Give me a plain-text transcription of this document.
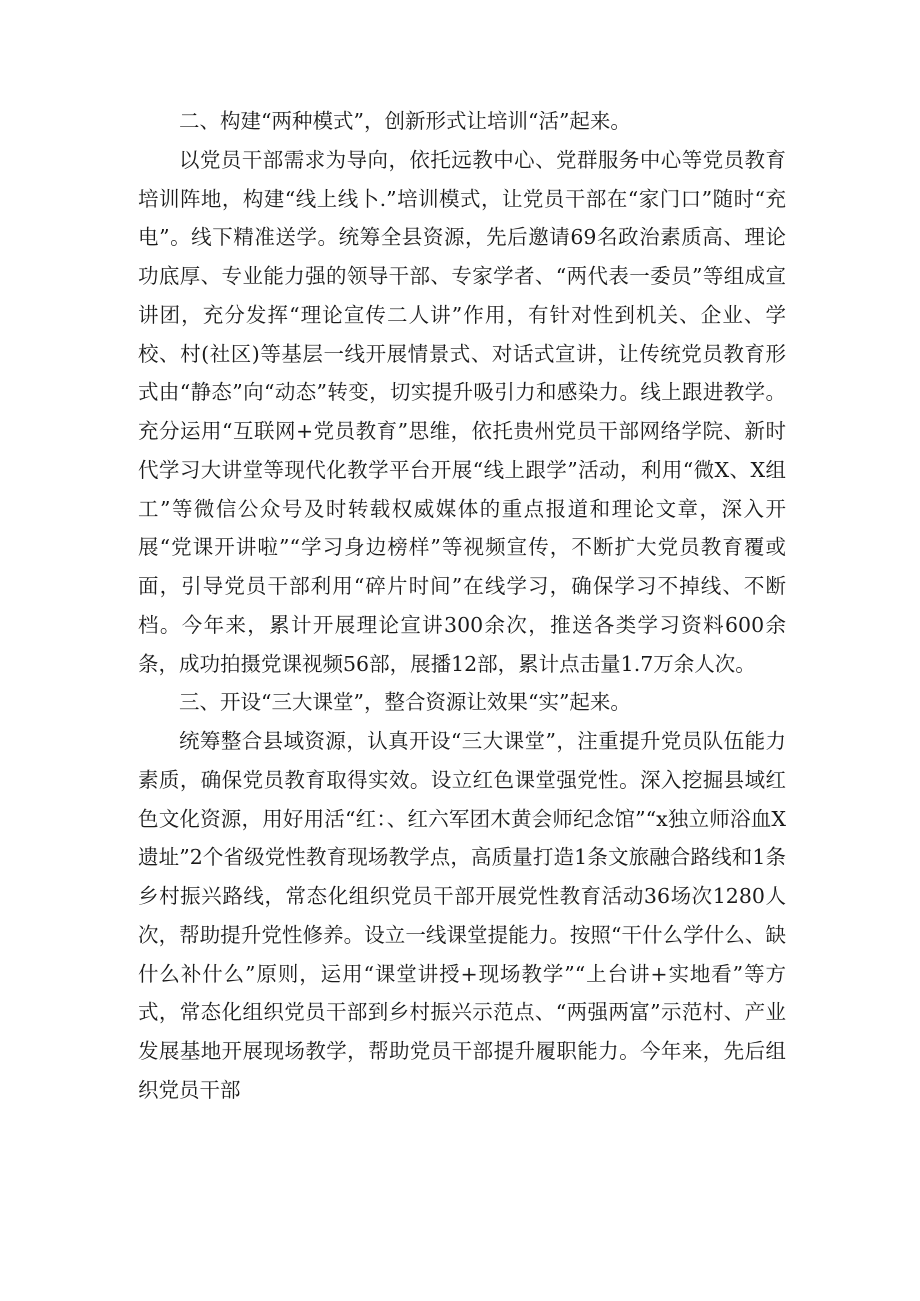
二、构建“两种模式”，创新形式让培训“活”起来。

以党员干部需求为导向，依托远教中心、党群服务中心等党员教育培训阵地，构建“线上线卜.”培训模式，让党员干部在“家门口”随时“充电”。线下精准送学。统筹全县资源，先后邀请69名政治素质高、理论功底厚、专业能力强的领导干部、专家学者、“两代表一委员”等组成宣讲团，充分发挥“理论宣传二人讲”作用，有针对性到机关、企业、学校、村(社区)等基层一线开展情景式、对话式宣讲，让传统党员教育形式由“静态”向“动态”转变，切实提升吸引力和感染力。线上跟进教学。充分运用“互联网+党员教育”思维，依托贵州党员干部网络学院、新时代学习大讲堂等现代化教学平台开展“线上跟学”活动，利用“微X、X组工”等微信公众号及时转载权威媒体的重点报道和理论文章，深入开展“党课开讲啦”“学习身边榜样”等视频宣传，不断扩大党员教育覆或面，引导党员干部利用“碎片时间”在线学习，确保学习不掉线、不断档。今年来，累计开展理论宣讲300余次，推送各类学习资料600余条，成功拍摄党课视频56部，展播12部，累计点击量1.7万余人次。

三、开设“三大课堂”，整合资源让效果“实”起来。

统筹整合县域资源，认真开设“三大课堂”，注重提升党员队伍能力素质，确保党员教育取得实效。设立红色课堂强党性。深入挖掘县域红色文化资源，用好用活“红：、红六军团木黄会师纪念馆”“x独立师浴血X遗址”2个省级党性教育现场教学点，高质量打造1条文旅融合路线和1条乡村振兴路线，常态化组织党员干部开展党性教育活动36场次1280人次，帮助提升党性修养。设立一线课堂提能力。按照“干什么学什么、缺什么补什么”原则，运用“课堂讲授+现场教学”“上台讲+实地看”等方式，常态化组织党员干部到乡村振兴示范点、“两强两富”示范村、产业发展基地开展现场教学，帮助党员干部提升履职能力。今年来，先后组织党员干部
